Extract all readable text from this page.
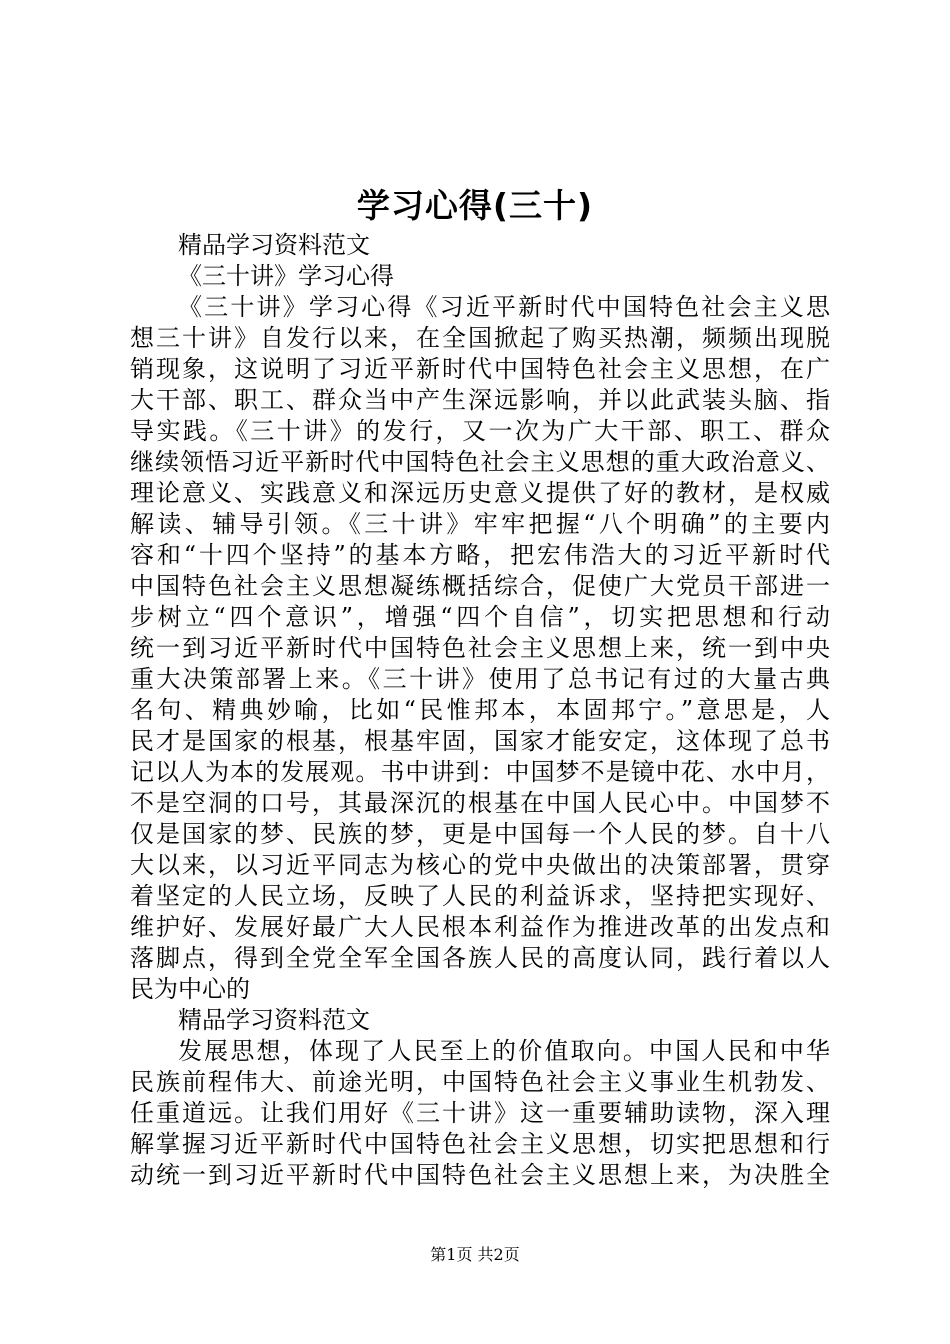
学习心得(三十)
精品学习资料范文
《三十讲》学习心得
《三十讲》学习心得《习近平新时代中国特色社会主义思
想三十讲》自发行以来，在全国掀起了购买热潮，频频出现脱
销现象，这说明了习近平新时代中国特色社会主义思想，在广
大干部、职工、群众当中产生深远影响，并以此武装头脑、指
导实践。《三十讲》的发行，又一次为广大干部、职工、群众
继续领悟习近平新时代中国特色社会主义思想的重大政治意义、
理论意义、实践意义和深远历史意义提供了好的教材，是权威
解读、辅导引领。《三十讲》牢牢把握“八个明确”的主要内
容和“十四个坚持”的基本方略，把宏伟浩大的习近平新时代
中国特色社会主义思想凝练概括综合，促使广大党员干部进一
步树立“四个意识”，增强“四个自信”，切实把思想和行动
统一到习近平新时代中国特色社会主义思想上来，统一到中央
重大决策部署上来。《三十讲》使用了总书记有过的大量古典
名句、精典妙喻，比如“民惟邦本，本固邦宁。”意思是，人
民才是国家的根基，根基牢固，国家才能安定，这体现了总书
记以人为本的发展观。书中讲到：中国梦不是镜中花、水中月，
不是空洞的口号，其最深沉的根基在中国人民心中。中国梦不
仅是国家的梦、民族的梦，更是中国每一个人民的梦。自十八
大以来，以习近平同志为核心的党中央做出的决策部署，贯穿
着坚定的人民立场，反映了人民的利益诉求，坚持把实现好、
维护好、发展好最广大人民根本利益作为推进改革的出发点和
落脚点，得到全党全军全国各族人民的高度认同，践行着以人
民为中心的
精品学习资料范文
发展思想，体现了人民至上的价值取向。中国人民和中华
民族前程伟大、前途光明，中国特色社会主义事业生机勃发、
任重道远。让我们用好《三十讲》这一重要辅助读物，深入理
解掌握习近平新时代中国特色社会主义思想，切实把思想和行
动统一到习近平新时代中国特色社会主义思想上来，为决胜全
第1页 共2页
